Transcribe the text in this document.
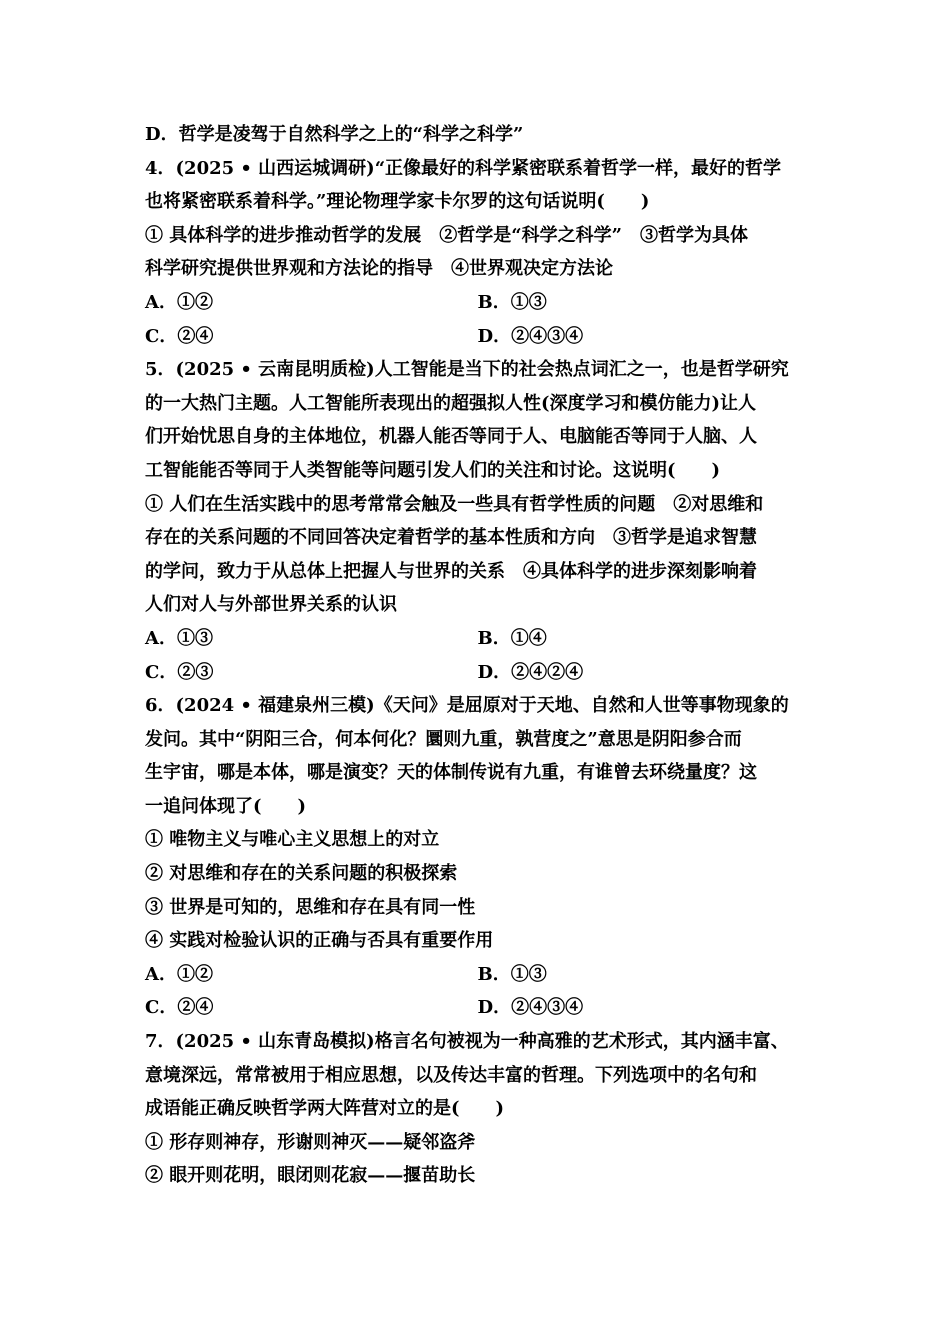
D．哲学是凌驾于自然科学之上的“科学之科学”
4．(2025 • 山西运城调研)“正像最好的科学紧密联系着哲学一样，最好的哲学
也将紧密联系着科学。”理论物理学家卡尔罗的这句话说明(　　)
① 具体科学的进步推动哲学的发展　②哲学是“科学之科学”　③哲学为具体
科学研究提供世界观和方法论的指导　④世界观决定方法论
A．①②	B．①③
C．②④	D．②④③④
5．(2025 • 云南昆明质检)人工智能是当下的社会热点词汇之一，也是哲学研究
的一大热门主题。人工智能所表现出的超强拟人性(深度学习和模仿能力)让人
们开始忧思自身的主体地位，机器人能否等同于人、电脑能否等同于人脑、人
工智能能否等同于人类智能等问题引发人们的关注和讨论。这说明(　　)
① 人们在生活实践中的思考常常会触及一些具有哲学性质的问题　②对思维和
存在的关系问题的不同回答决定着哲学的基本性质和方向　③哲学是追求智慧
的学问，致力于从总体上把握人与世界的关系　④具体科学的进步深刻影响着
人们对人与外部世界关系的认识
A．①③	B．①④
C．②③	D．②④②④
6．(2024 • 福建泉州三模)《天问》是屈原对于天地、自然和人世等事物现象的
发问。其中“阴阳三合，何本何化？圜则九重，孰营度之”意思是阴阳参合而
生宇宙，哪是本体，哪是演变？天的体制传说有九重，有谁曾去环绕量度？这
一追问体现了(　　)
① 唯物主义与唯心主义思想上的对立
② 对思维和存在的关系问题的积极探索
③ 世界是可知的，思维和存在具有同一性
④ 实践对检验认识的正确与否具有重要作用
A．①②	B．①③
C．②④	D．②④③④
7．(2025 • 山东青岛模拟)格言名句被视为一种高雅的艺术形式，其内涵丰富、
意境深远，常常被用于相应思想，以及传达丰富的哲理。下列选项中的名句和
成语能正确反映哲学两大阵营对立的是(　　)
① 形存则神存，形谢则神灭——疑邻盗斧
② 眼开则花明，眼闭则花寂——揠苗助长
